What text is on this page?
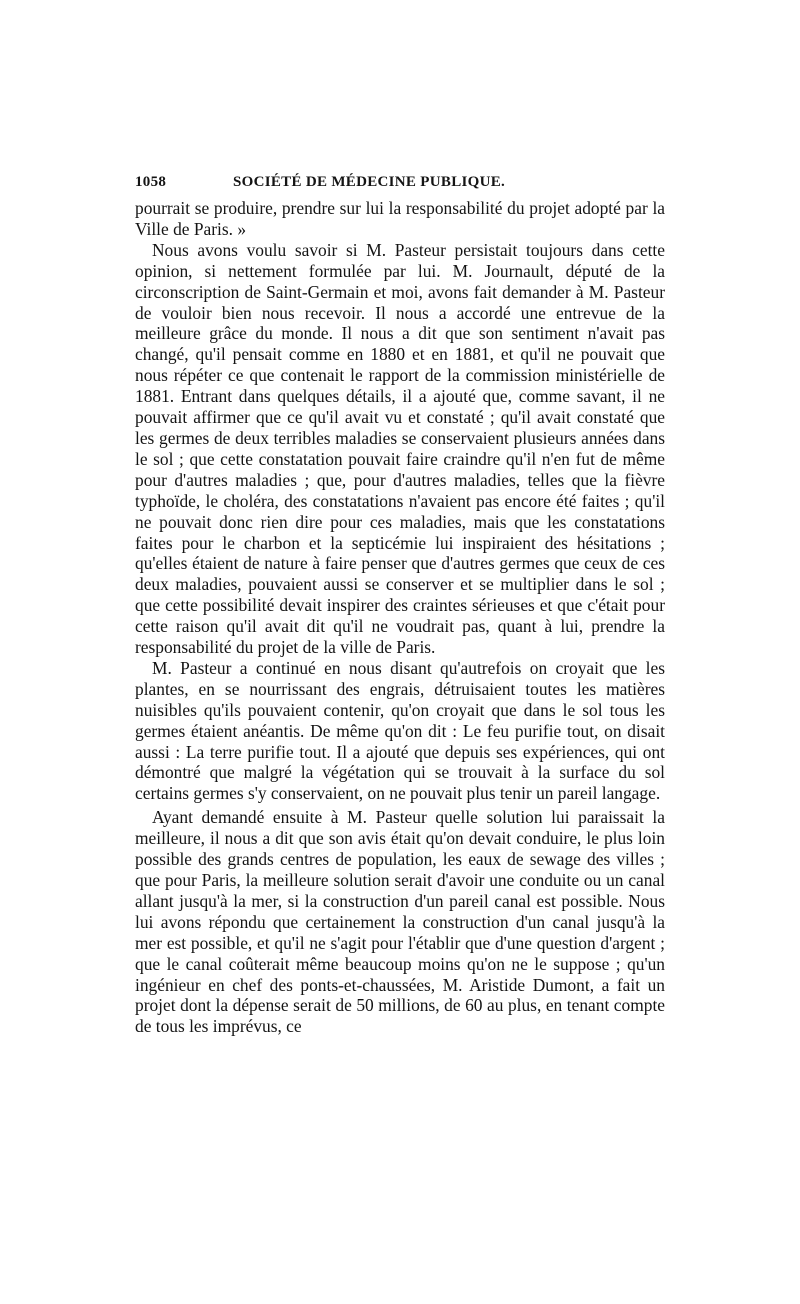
1058	SOCIÉTÉ DE MÉDECINE PUBLIQUE.

pourrait se produire, prendre sur lui la responsabilité du projet adopté par la Ville de Paris. »

Nous avons voulu savoir si M. Pasteur persistait toujours dans cette opinion, si nettement formulée par lui. M. Journault, député de la circonscription de Saint-Germain et moi, avons fait demander à M. Pasteur de vouloir bien nous recevoir. Il nous a accordé une entrevue de la meilleure grâce du monde. Il nous a dit que son sentiment n'avait pas changé, qu'il pensait comme en 1880 et en 1881, et qu'il ne pouvait que nous répéter ce que contenait le rapport de la commission ministérielle de 1881. Entrant dans quelques détails, il a ajouté que, comme savant, il ne pouvait affirmer que ce qu'il avait vu et constaté ; qu'il avait constaté que les germes de deux terribles maladies se conservaient plusieurs années dans le sol ; que cette constatation pouvait faire craindre qu'il n'en fut de même pour d'autres maladies ; que, pour d'autres maladies, telles que la fièvre typhoïde, le choléra, des constatations n'avaient pas encore été faites ; qu'il ne pouvait donc rien dire pour ces maladies, mais que les constatations faites pour le charbon et la septicémie lui inspiraient des hésitations ; qu'elles étaient de nature à faire penser que d'autres germes que ceux de ces deux maladies, pouvaient aussi se conserver et se multiplier dans le sol ; que cette possibilité devait inspirer des craintes sérieuses et que c'était pour cette raison qu'il avait dit qu'il ne voudrait pas, quant à lui, prendre la responsabilité du projet de la ville de Paris.

M. Pasteur a continué en nous disant qu'autrefois on croyait que les plantes, en se nourrissant des engrais, détruisaient toutes les matières nuisibles qu'ils pouvaient contenir, qu'on croyait que dans le sol tous les germes étaient anéantis. De même qu'on dit : Le feu purifie tout, on disait aussi : La terre purifie tout. Il a ajouté que depuis ses expériences, qui ont démontré que malgré la végétation qui se trouvait à la surface du sol certains germes s'y conservaient, on ne pouvait plus tenir un pareil langage.

Ayant demandé ensuite à M. Pasteur quelle solution lui paraissait la meilleure, il nous a dit que son avis était qu'on devait conduire, le plus loin possible des grands centres de population, les eaux de sewage des villes ; que pour Paris, la meilleure solution serait d'avoir une conduite ou un canal allant jusqu'à la mer, si la construction d'un pareil canal est possible. Nous lui avons répondu que certainement la construction d'un canal jusqu'à la mer est possible, et qu'il ne s'agit pour l'établir que d'une question d'argent ; que le canal coûterait même beaucoup moins qu'on ne le suppose ; qu'un ingénieur en chef des ponts-et-chaussées, M. Aristide Dumont, a fait un projet dont la dépense serait de 50 millions, de 60 au plus, en tenant compte de tous les imprévus, ce
